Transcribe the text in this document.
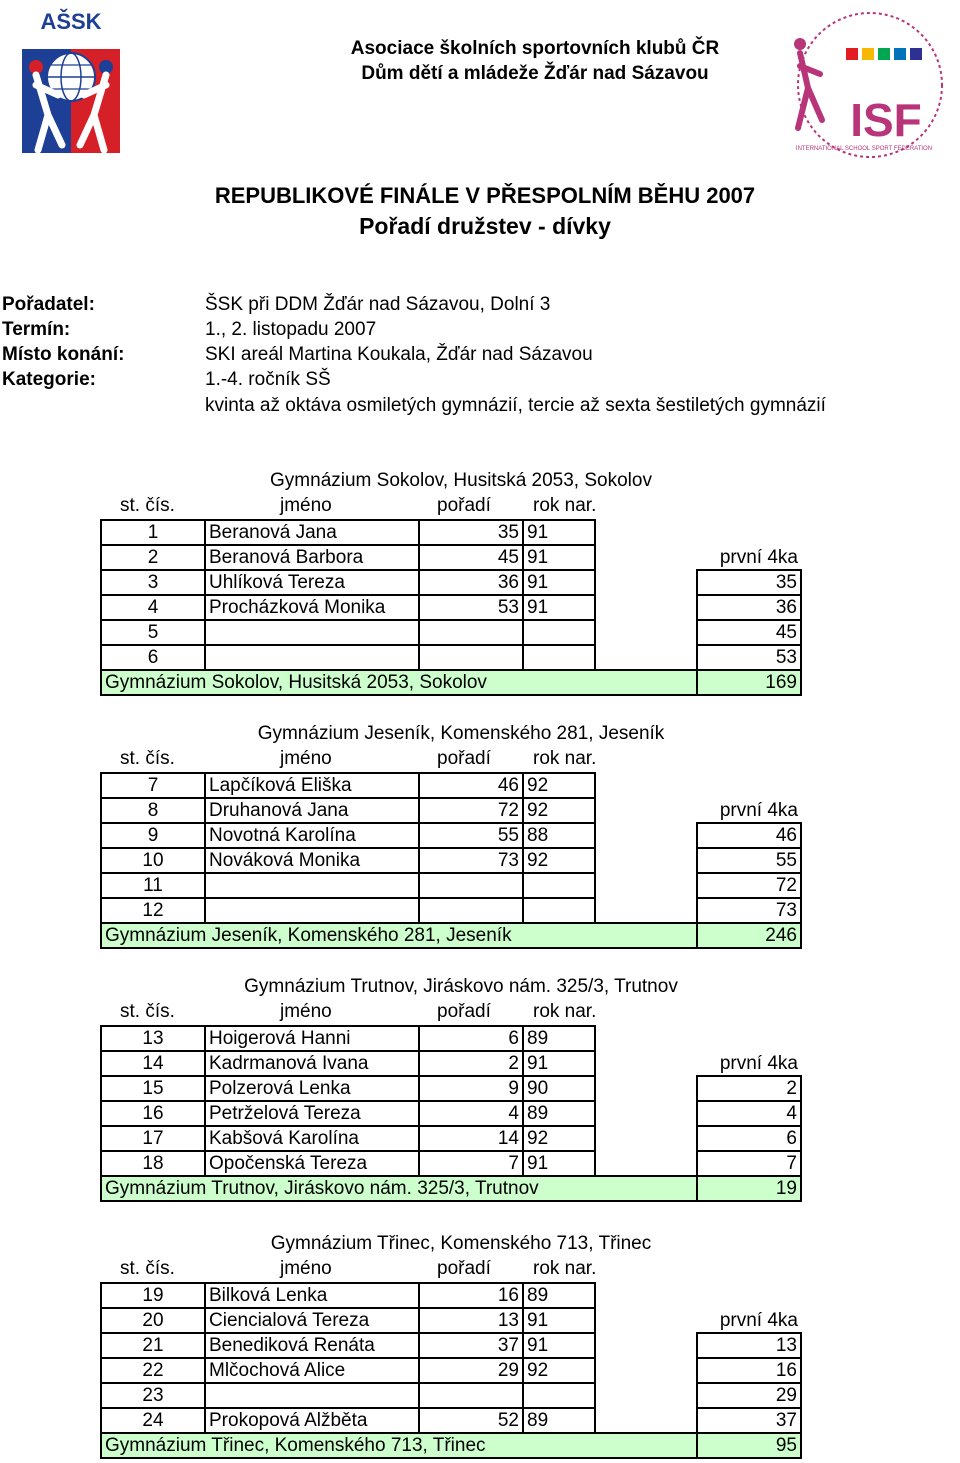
AŠSK
ISF
INTERNATIONAL SCHOOL SPORT FEDERATION
Asociace školních sportovních klubů ČR
Dům dětí a mládeže Žďár nad Sázavou
REPUBLIKOVÉ FINÁLE V PŘESPOLNÍM BĚHU 2007
Pořadí družstev - dívky
Pořadatel:	ŠSK při DDM Žďár nad Sázavou, Dolní 3
Termín:	1., 2. listopadu 2007
Místo konání:	SKI areál Martina Koukala, Žďár nad Sázavou
Kategorie:	1.-4. ročník SŠ
kvinta až oktáva osmiletých gymnázií, tercie až sexta šestiletých gymnázií
Gymnázium Sokolov, Husitská 2053, Sokolov
st. čís.	jméno	pořadí rok nar.
1	Beranová Jana	35	91		
2	Beranová Barbora	45	91		první 4ka
3	Uhlíková Tereza	36	91		35
4	Procházková Monika	53	91		36
5					45
6					53
Gymnázium Sokolov, Husitská 2053, Sokolov					169
Gymnázium Jeseník, Komenského 281, Jeseník
st. čís.	jméno	pořadí rok nar.
7	Lapčíková Eliška	46	92		
8	Druhanová Jana	72	92		první 4ka
9	Novotná Karolína	55	88		46
10	Nováková Monika	73	92		55
11					72
12					73
Gymnázium Jeseník, Komenského 281, Jeseník					246
Gymnázium Trutnov, Jiráskovo nám. 325/3, Trutnov
st. čís.	jméno	pořadí rok nar.
13	Hoigerová Hanni	6	89		
14	Kadrmanová Ivana	2	91		první 4ka
15	Polzerová Lenka	9	90		2
16	Petrželová Tereza	4	89		4
17	Kabšová Karolína	14	92		6
18	Opočenská Tereza	7	91		7
Gymnázium Trutnov, Jiráskovo nám. 325/3, Trutnov					19
Gymnázium Třinec, Komenského 713, Třinec
st. čís.	jméno	pořadí rok nar.
19	Bilková Lenka	16	89		
20	Ciencialová Tereza	13	91		první 4ka
21	Benediková Renáta	37	91		13
22	Mlčochová Alice	29	92		16
23					29
24	Prokopová Alžběta	52	89		37
Gymnázium Třinec, Komenského 713, Třinec					95
